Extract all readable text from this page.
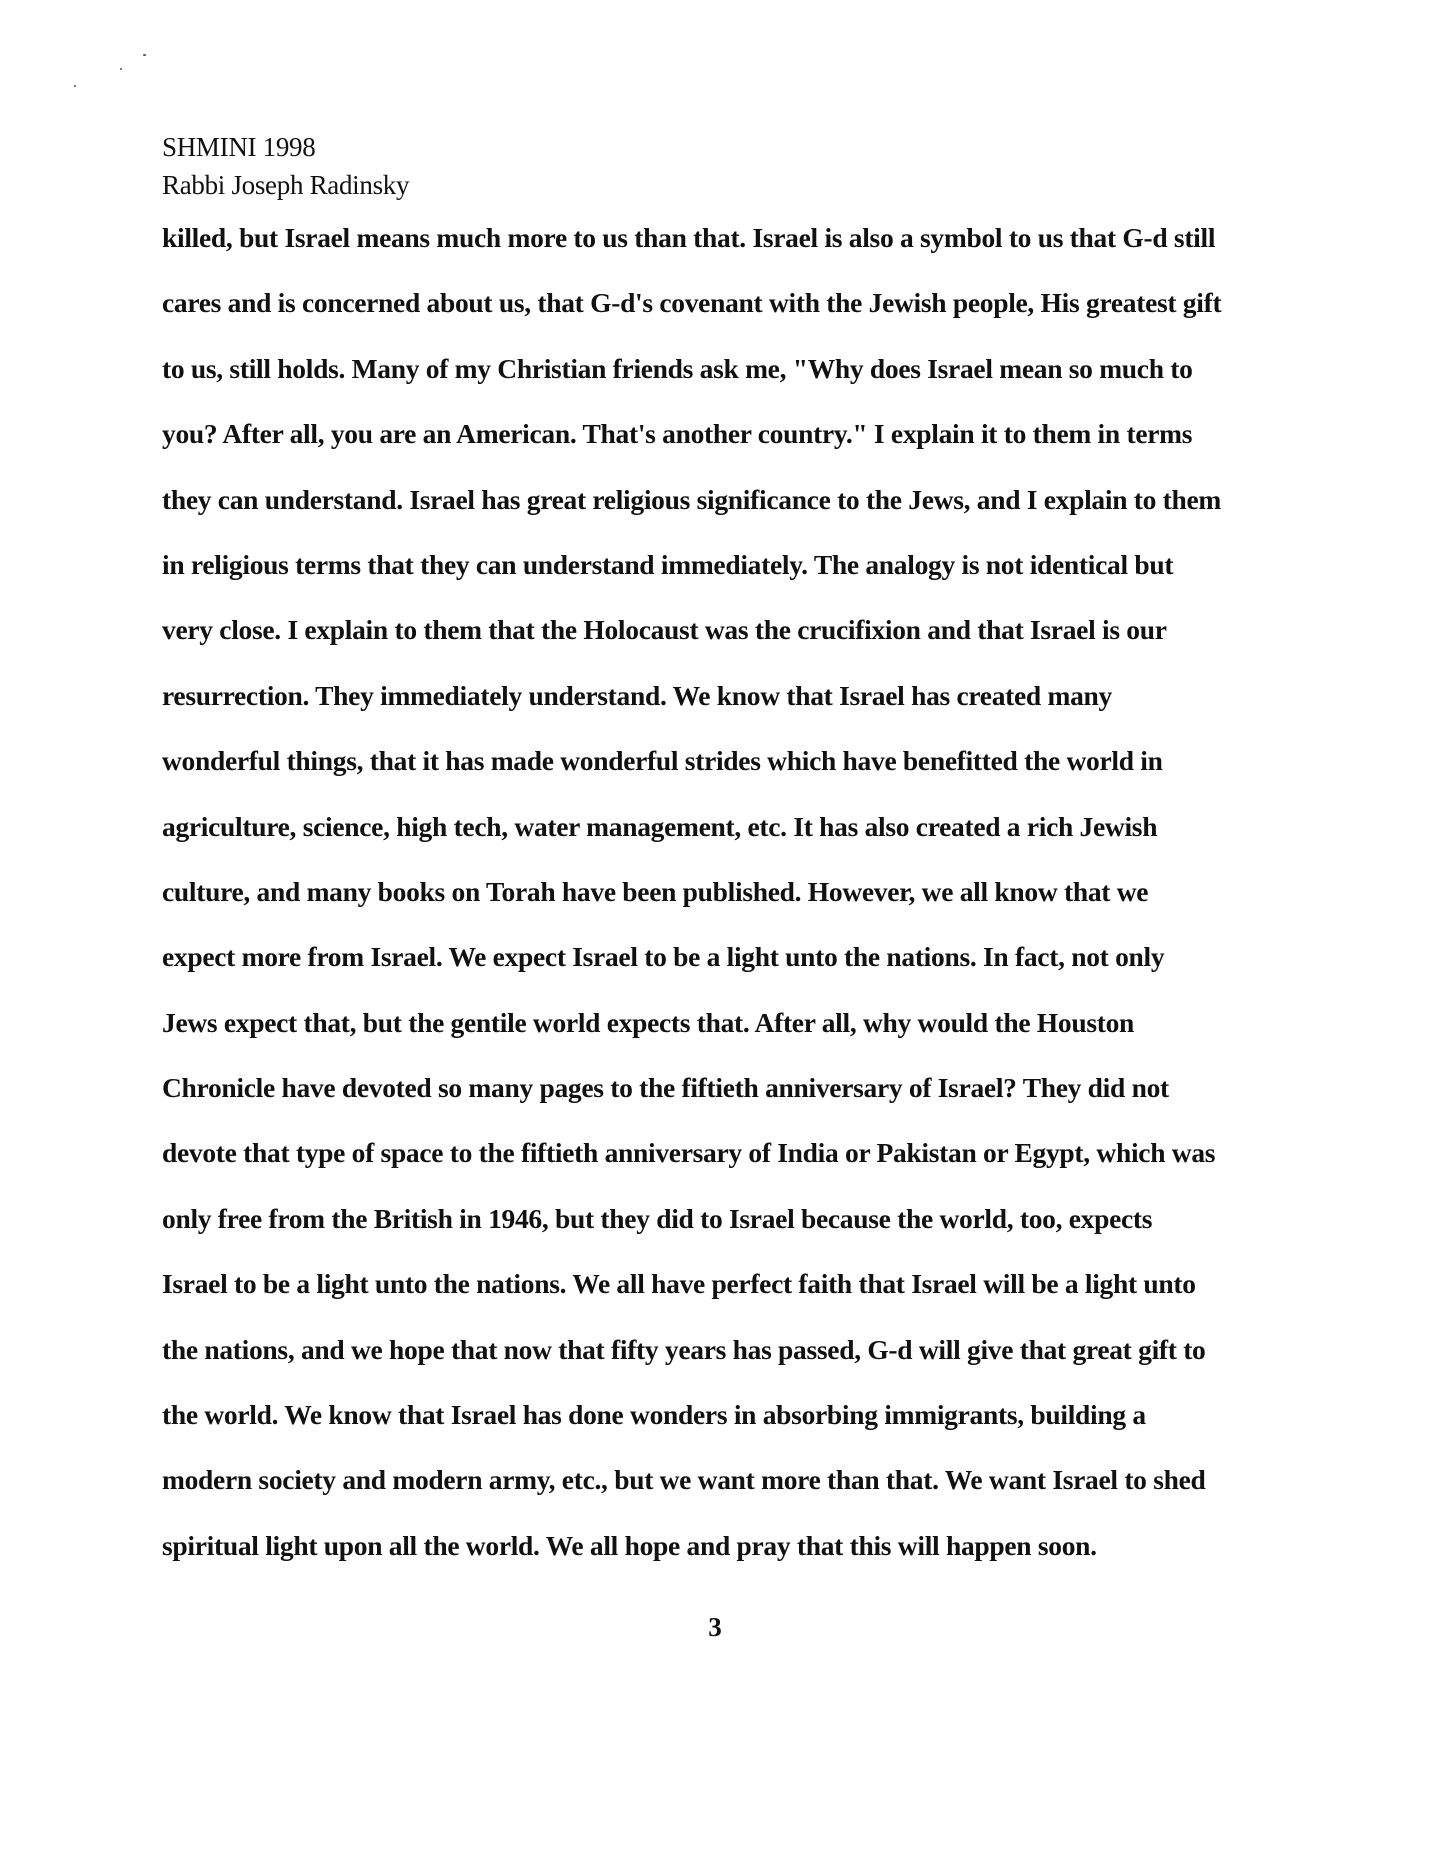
SHMINI 1998
Rabbi Joseph Radinsky
killed, but Israel means much more to us than that. Israel is also a symbol to us that G-d still
cares and is concerned about us, that G-d's covenant with the Jewish people, His greatest gift
to us, still holds. Many of my Christian friends ask me, "Why does Israel mean so much to
you? After all, you are an American. That's another country." I explain it to them in terms
they can understand. Israel has great religious significance to the Jews, and I explain to them
in religious terms that they can understand immediately. The analogy is not identical but
very close. I explain to them that the Holocaust was the crucifixion and that Israel is our
resurrection. They immediately understand. We know that Israel has created many
wonderful things, that it has made wonderful strides which have benefitted the world in
agriculture, science, high tech, water management, etc. It has also created a rich Jewish
culture, and many books on Torah have been published. However, we all know that we
expect more from Israel. We expect Israel to be a light unto the nations. In fact, not only
Jews expect that, but the gentile world expects that. After all, why would the Houston
Chronicle have devoted so many pages to the fiftieth anniversary of Israel? They did not
devote that type of space to the fiftieth anniversary of India or Pakistan or Egypt, which was
only free from the British in 1946, but they did to Israel because the world, too, expects
Israel to be a light unto the nations. We all have perfect faith that Israel will be a light unto
the nations, and we hope that now that fifty years has passed, G-d will give that great gift to
the world. We know that Israel has done wonders in absorbing immigrants, building a
modern society and modern army, etc., but we want more than that. We want Israel to shed
spiritual light upon all the world. We all hope and pray that this will happen soon.
3
